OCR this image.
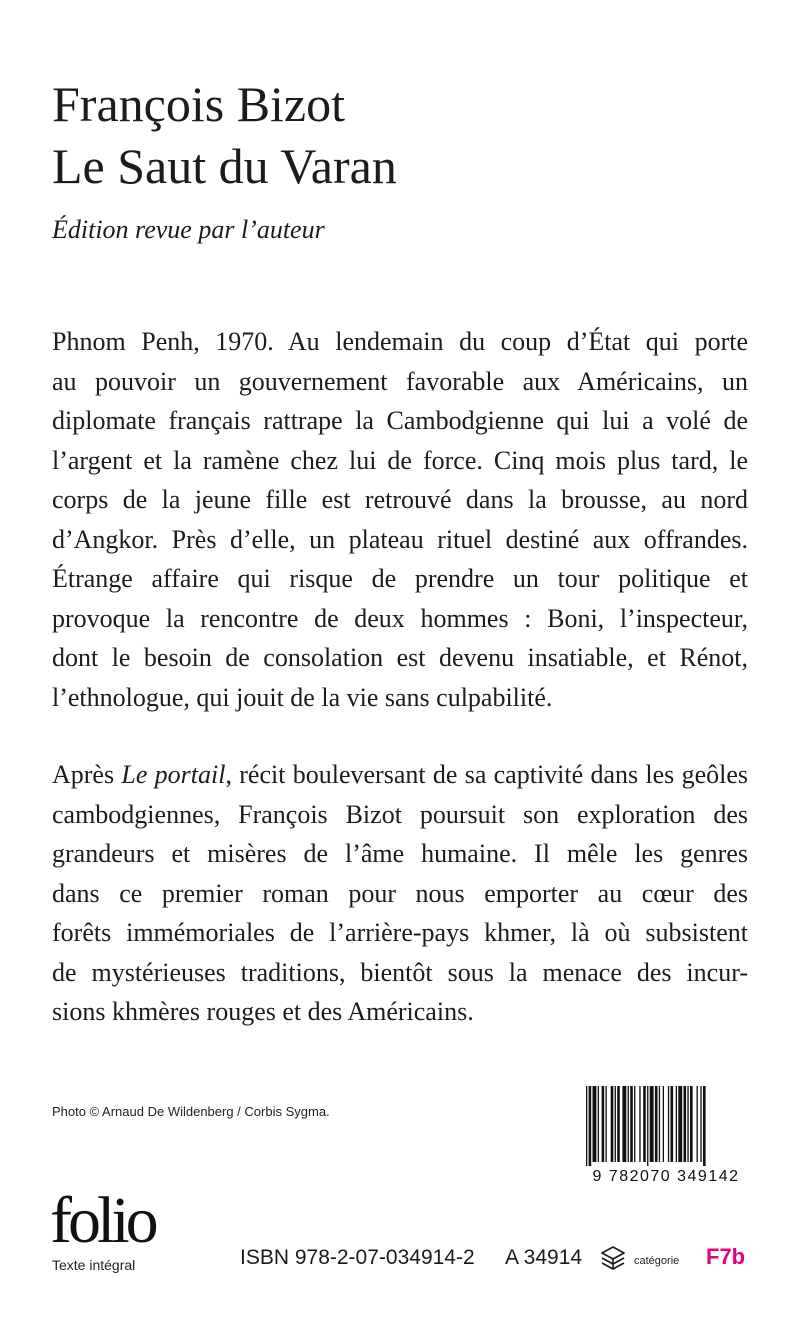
François Bizot
Le Saut du Varan
Édition revue par l’auteur

Phnom Penh, 1970. Au lendemain du coup d’État qui porte
au pouvoir un gouvernement favorable aux Américains, un
diplomate français rattrape la Cambodgienne qui lui a volé de
l’argent et la ramène chez lui de force. Cinq mois plus tard, le
corps de la jeune fille est retrouvé dans la brousse, au nord
d’Angkor. Près d’elle, un plateau rituel destiné aux offrandes.
Étrange affaire qui risque de prendre un tour politique et
provoque la rencontre de deux hommes : Boni, l’inspecteur,
dont le besoin de consolation est devenu insatiable, et Rénot,
l’ethnologue, qui jouit de la vie sans culpabilité.

Après Le portail, récit bouleversant de sa captivité dans les geôles
cambodgiennes, François Bizot poursuit son exploration des
grandeurs et misères de l’âme humaine. Il mêle les genres
dans ce premier roman pour nous emporter au cœur des
forêts immémoriales de l’arrière-pays khmer, là où subsistent
de mystérieuses traditions, bientôt sous la menace des incur-
sions khmères rouges et des Américains.

Photo © Arnaud De Wildenberg / Corbis Sygma.
9 782070 349142
folio
Texte intégral	ISBN 978-2-07-034914-2 A 34914	catégorie F7b
